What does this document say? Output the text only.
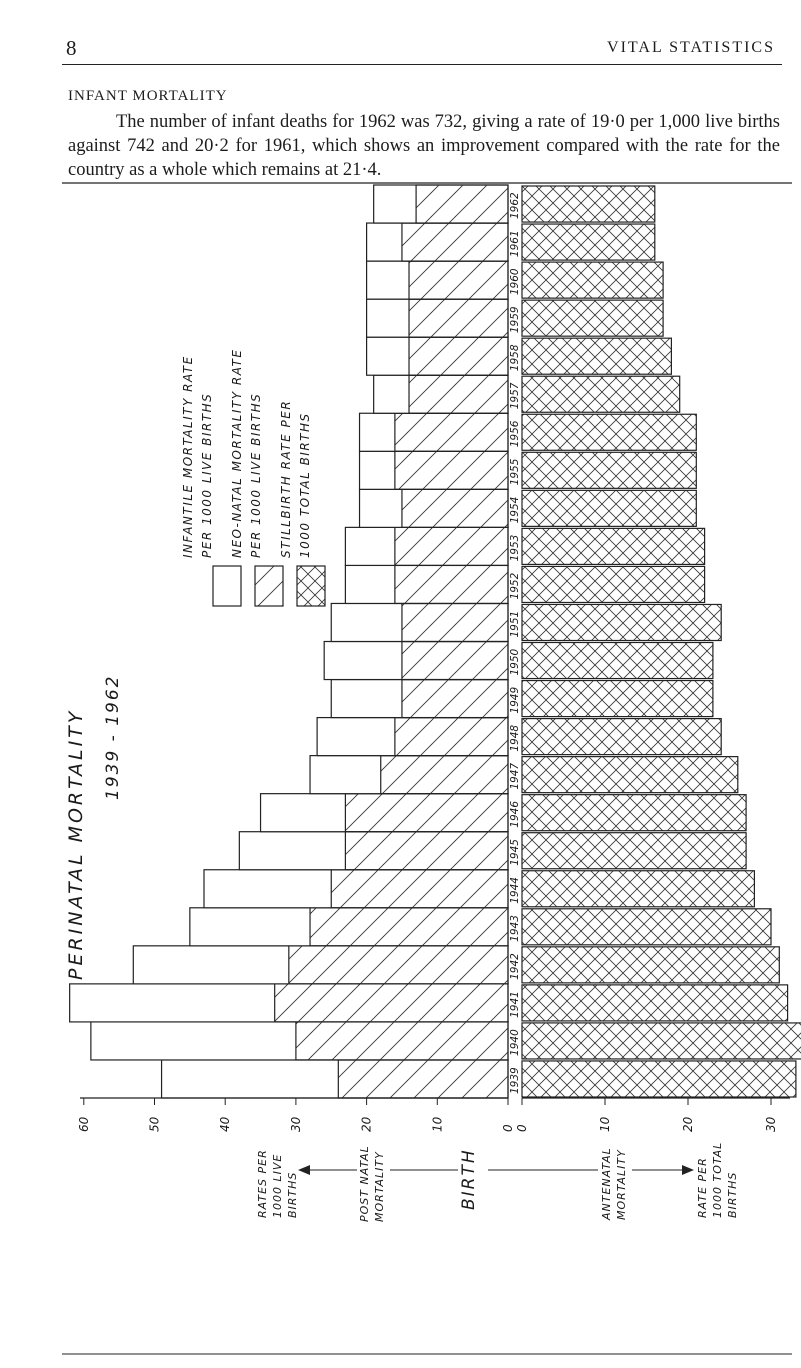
8	VITAL STATISTICS
INFANT MORTALITY

The number of infant deaths for 1962 was 732, giving a rate of 19·0 per 1,000 live births against 742 and 20·2 for 1961, which shows an improvement compared with the rate for the country as a whole which remains at 21·4.

PERINATAL MORTALITY 1939 - 1962
INFANTILE MORTALITY RATE PER 1000 LIVE BIRTHS NEO-NATAL MORTALITY RATE PER 1000 LIVE BIRTHS STILLBIRTH RATE PER 1000 TOTAL BIRTHS
1939
1940
1941
1942
1943
1944
1945
1946
1947
1948
1949
1950
1951
1952
1953
1954
1955
1956
1957
1958
1959
1960
1961
1962
60	50	40	30	20	10	0 0	10	20	30
RATES PER 1000 LIVE BIRTHS	POST NATAL MORTALITY	BIRTH	ANTENATAL MORTALITY	RATE PER 1000 TOTAL BIRTHS
